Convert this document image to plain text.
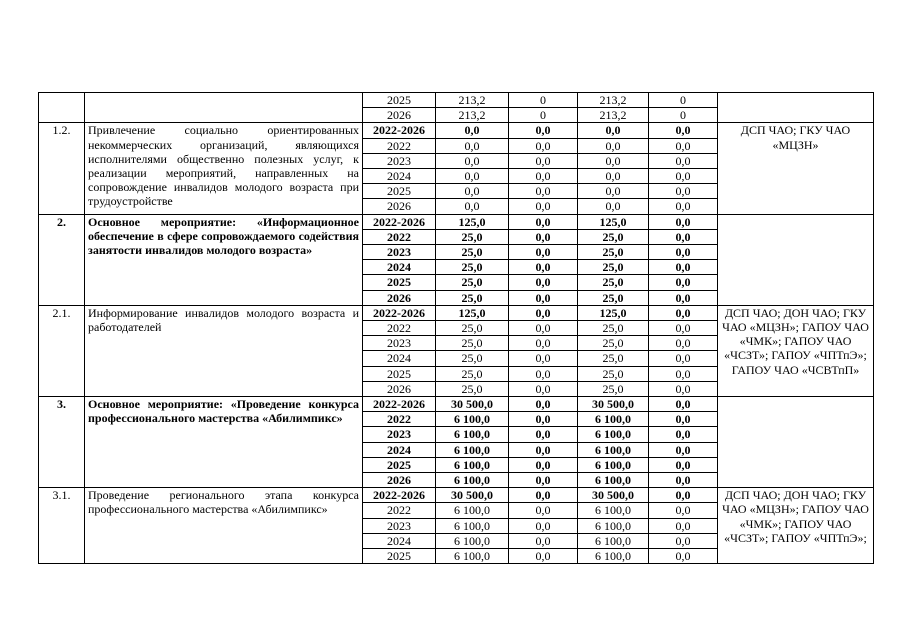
		2025	213,2	0	213,2	0	
		2026	213,2	0	213,2	0	
1.2.	Привлечение социально ориентированных некоммерческих организаций, являющихся исполнителями общественно полезных услуг, к реализации мероприятий, направленных на сопровождение инвалидов молодого возраста при трудоустройстве	2022-2026	0,0	0,0	0,0	0,0	ДСП ЧАО; ГКУ ЧАО «МЦЗН»
		2022	0,0	0,0	0,0	0,0	
		2023	0,0	0,0	0,0	0,0	
		2024	0,0	0,0	0,0	0,0	
		2025	0,0	0,0	0,0	0,0	
		2026	0,0	0,0	0,0	0,0	
2.	Основное мероприятие: «Информационное обеспечение в сфере сопровождаемого содействия занятости инвалидов молодого возраста»	2022-2026	125,0	0,0	125,0	0,0	
		2022	25,0	0,0	25,0	0,0	
		2023	25,0	0,0	25,0	0,0	
		2024	25,0	0,0	25,0	0,0	
		2025	25,0	0,0	25,0	0,0	
		2026	25,0	0,0	25,0	0,0	
2.1.	Информирование инвалидов молодого возраста и работодателей	2022-2026	125,0	0,0	125,0	0,0	ДСП ЧАО; ДОН ЧАО; ГКУ ЧАО «МЦЗН»; ГАПОУ ЧАО «ЧМК»; ГАПОУ ЧАО «ЧСЗТ»; ГАПОУ «ЧПТпЭ»; ГАПОУ ЧАО «ЧСВТпП»
		2022	25,0	0,0	25,0	0,0	
		2023	25,0	0,0	25,0	0,0	
		2024	25,0	0,0	25,0	0,0	
		2025	25,0	0,0	25,0	0,0	
		2026	25,0	0,0	25,0	0,0	
3.	Основное мероприятие: «Проведение конкурса профессионального мастерства «Абилимпикс»	2022-2026	30 500,0	0,0	30 500,0	0,0	
		2022	6 100,0	0,0	6 100,0	0,0	
		2023	6 100,0	0,0	6 100,0	0,0	
		2024	6 100,0	0,0	6 100,0	0,0	
		2025	6 100,0	0,0	6 100,0	0,0	
		2026	6 100,0	0,0	6 100,0	0,0	
3.1.	Проведение регионального этапа конкурса профессионального мастерства «Абилимпикс»	2022-2026	30 500,0	0,0	30 500,0	0,0	ДСП ЧАО; ДОН ЧАО; ГКУ ЧАО «МЦЗН»; ГАПОУ ЧАО «ЧМК»; ГАПОУ ЧАО «ЧСЗТ»; ГАПОУ «ЧПТпЭ»;
		2022	6 100,0	0,0	6 100,0	0,0	
		2023	6 100,0	0,0	6 100,0	0,0	
		2024	6 100,0	0,0	6 100,0	0,0	
		2025	6 100,0	0,0	6 100,0	0,0	
